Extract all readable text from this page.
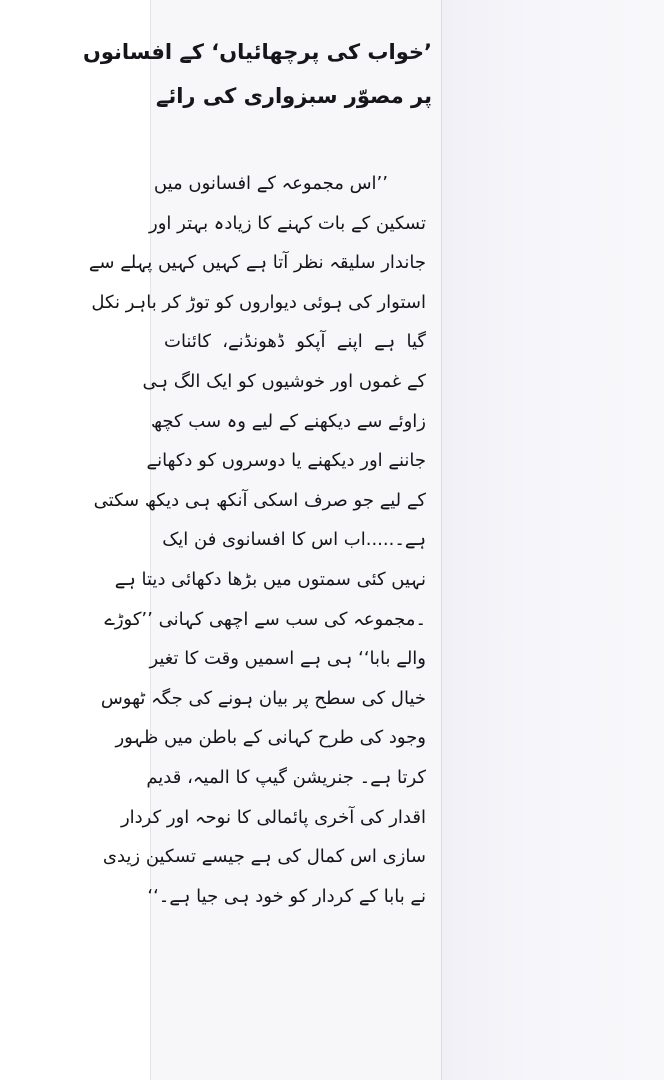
’خواب کی پرچھائیاں‘ کے افسانوں
پر مصوّر سبزواری کی رائے
’’اس مجموعہ کے افسانوں میں
تسکین کے بات کہنے کا زیادہ بہتر اور
جاندار سلیقہ نظر آتا ہے کہیں کہیں پہلے سے
استوار کی ہوئی دیواروں کو توڑ کر باہر نکل
گیا ہے اپنے آپکو ڈھونڈنے، کائنات
کے غموں اور خوشیوں کو ایک الگ ہی
زاوئے سے دیکھنے کے لیے وہ سب کچھ
جاننے اور دیکھنے یا دوسروں کو دکھانے
کے لیے جو صرف اسکی آنکھ ہی دیکھ سکتی
ہے۔.....اب اس کا افسانوی فن ایک
نہیں کئی سمتوں میں بڑھا دکھائی دیتا ہے
۔مجموعہ کی سب سے اچھی کہانی ’’کوڑے
والے بابا‘‘ ہی ہے اسمیں وقت کا تغیر
خیال کی سطح پر بیان ہونے کی جگہ ٹھوس
وجود کی طرح کہانی کے باطن میں ظہور
کرتا ہے۔ جنریشن گیپ کا المیہ، قدیم
اقدار کی آخری پائمالی کا نوحہ اور کردار
سازی اس کمال کی ہے جیسے تسکین زیدی
نے بابا کے کردار کو خود ہی جیا ہے۔‘‘
